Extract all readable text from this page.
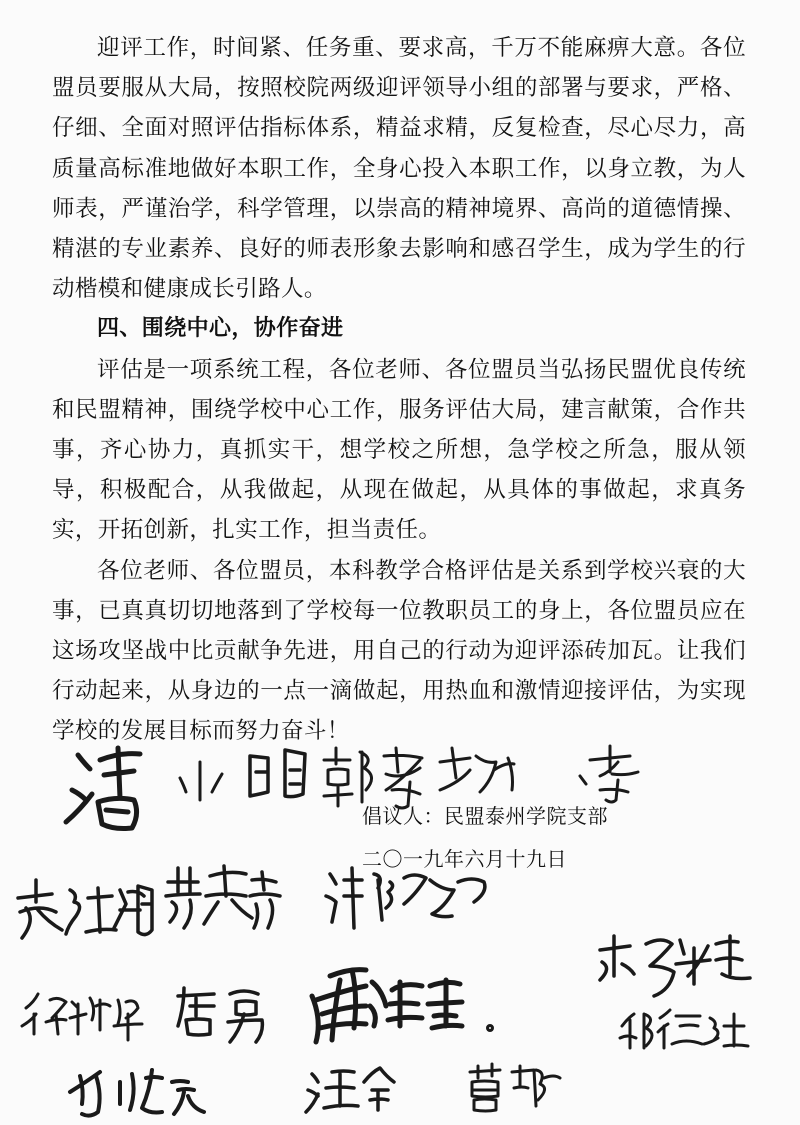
迎评工作，时间紧、任务重、要求高，千万不能麻痹大意。各位盟员要服从大局，按照校院两级迎评领导小组的部署与要求，严格、仔细、全面对照评估指标体系，精益求精，反复检查，尽心尽力，高质量高标准地做好本职工作，全身心投入本职工作，以身立教，为人师表，严谨治学，科学管理，以崇高的精神境界、高尚的道德情操、精湛的专业素养、良好的师表形象去影响和感召学生，成为学生的行动楷模和健康成长引路人。

四、围绕中心，协作奋进

评估是一项系统工程，各位老师、各位盟员当弘扬民盟优良传统和民盟精神，围绕学校中心工作，服务评估大局，建言献策，合作共事，齐心协力，真抓实干，想学校之所想，急学校之所急，服从领导，积极配合，从我做起，从现在做起，从具体的事做起，求真务实，开拓创新，扎实工作，担当责任。

各位老师、各位盟员，本科教学合格评估是关系到学校兴衰的大事，已真真切切地落到了学校每一位教职员工的身上，各位盟员应在这场攻坚战中比贡献争先进，用自己的行动为迎评添砖加瓦。让我们行动起来，从身边的一点一滴做起，用热血和激情迎接评估，为实现学校的发展目标而努力奋斗！

倡议人：民盟泰州学院支部
二〇一九年六月十九日
